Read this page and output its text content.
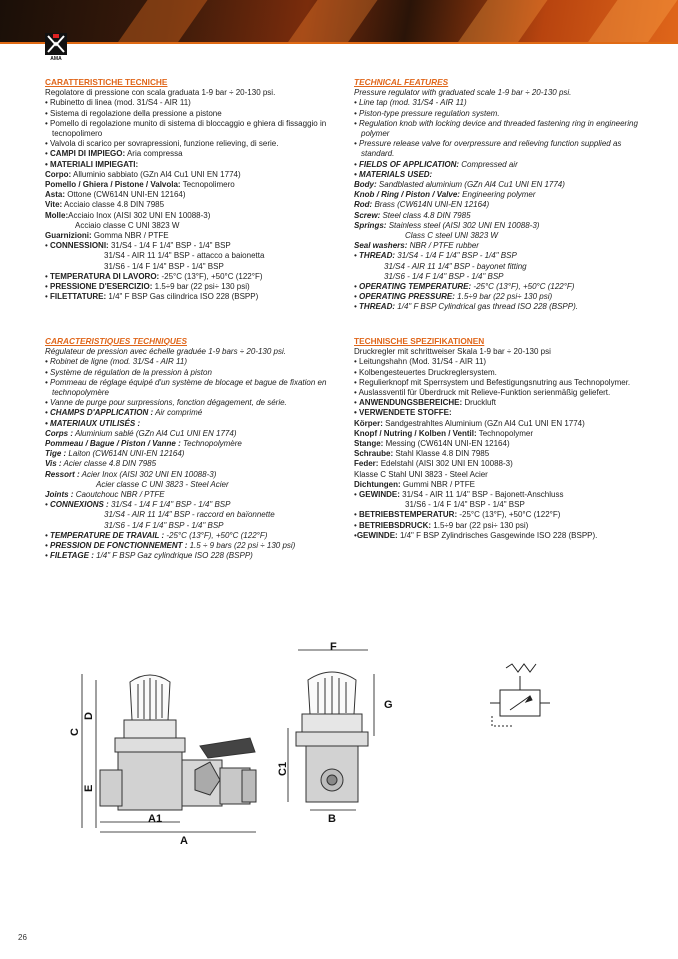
AMA
CARATTERISTICHE TECNICHE

Regolatore di pressione con scala graduata 1-9 bar ÷ 20-130 psi.

• Rubinetto di linea (mod. 31/S4 - AIR 11)

• Sistema di regolazione della pressione a pistone

• Pomello di regolazione munito di sistema di bloccaggio e ghiera di fissaggio in tecnopolimero

• Valvola di scarico per sovrapressioni, funzione relieving, di serie.

• CAMPI DI IMPIEGO: Aria compressa

• MATERIALI IMPIEGATI:

Corpo: Alluminio sabbiato (GZn Al4 Cu1 UNI EN 1774)

Pomello / Ghiera / Pistone / Valvola: Tecnopolimero

Asta: Ottone (CW614N UNI-EN 12164)

Vite: Acciaio classe 4.8 DIN 7985

Molle:Acciaio Inox (AISI 302 UNI EN 10088-3)

Acciaio classe C UNI 3823 W

Guarnizioni: Gomma NBR / PTFE

• CONNESSIONI: 31/S4 - 1/4 F 1/4" BSP - 1/4" BSP

31/S4 - AIR 11 1/4" BSP - attacco a baionetta

31/S6 - 1/4 F 1/4" BSP - 1/4" BSP

• TEMPERATURA DI LAVORO: -25°C (13°F), +50°C (122°F)

• PRESSIONE D'ESERCIZIO: 1.5÷9 bar (22 psi÷ 130 psi)

• FILETTATURE: 1/4" F BSP Gas cilindrica ISO 228 (BSPP)

TECHNICAL FEATURES

Pressure regulator with graduated scale 1-9 bar ÷ 20-130 psi.

• Line tap (mod. 31/S4 - AIR 11)

• Piston-type pressure regulation system.

• Regulation knob with locking device and threaded fastening ring in engineering polymer

• Pressure release valve for overpressure and relieving function supplied as standard.

• FIELDS OF APPLICATION: Compressed air

• MATERIALS USED:

Body: Sandblasted aluminium (GZn Al4 Cu1 UNI EN 1774)

Knob / Ring / Piston / Valve: Engineering polymer

Rod: Brass (CW614N UNI-EN 12164)

Screw: Steel class 4.8 DIN 7985

Springs: Stainless steel (AISI 302 UNI EN 10088-3)

Class C steel UNI 3823 W

Seal washers: NBR / PTFE rubber

• THREAD: 31/S4 - 1/4 F 1/4" BSP - 1/4" BSP

31/S4 - AIR 11 1/4" BSP - bayonet fitting

31/S6 - 1/4 F 1/4" BSP - 1/4" BSP

• OPERATING TEMPERATURE: -25°C (13°F), +50°C (122°F)

• OPERATING PRESSURE: 1.5÷9 bar (22 psi÷ 130 psi)

• THREAD: 1/4" F BSP Cylindrical gas thread ISO 228 (BSPP).

CARACTERISTIQUES TECHNIQUES

Régulateur de pression avec échelle graduée 1-9 bars ÷ 20-130 psi.

• Robinet de ligne (mod. 31/S4 - AIR 11)

• Système de régulation de la pression à piston

• Pommeau de réglage équipé d'un système de blocage et bague de fixation en technopolymère

• Vanne de purge pour surpressions, fonction dégagement, de série.

• CHAMPS D'APPLICATION : Air comprimé

• MATERIAUX UTILISÉS :

Corps : Aluminium sablé (GZn Al4 Cu1 UNI EN 1774)

Pommeau / Bague / Piston / Vanne : Technopolymère

Tige : Laiton (CW614N UNI-EN 12164)

Vis : Acier classe 4.8 DIN 7985

Ressort : Acier Inox (AISI 302 UNI EN 10088-3)

Acier classe C UNI 3823 - Steel Acier

Joints : Caoutchouc NBR / PTFE

• CONNEXIONS : 31/S4 - 1/4 F 1/4" BSP - 1/4" BSP

31/S4 - AIR 11 1/4" BSP - raccord en baïonnette

31/S6 - 1/4 F 1/4" BSP - 1/4" BSP

• TEMPERATURE DE TRAVAIL : -25°C (13°F), +50°C (122°F)

• PRESSION DE FONCTIONNEMENT : 1.5 ÷ 9 bars (22 psi ÷ 130 psi)

• FILETAGE : 1/4" F BSP Gaz cylindrique ISO 228 (BSPP)

TECHNISCHE SPEZIFIKATIONEN

Druckregler mit schrittweiser Skala 1-9 bar ÷ 20-130 psi

• Leitungshahn (Mod. 31/S4 - AIR 11)

• Kolbengesteuertes Druckreglersystem.

• Regulierknopf mit Sperrsystem und Befestigungsnutring aus Technopolymer.

• Auslassventil für Überdruck mit Relieve-Funktion serienmäßig geliefert.

• ANWENDUNGSBEREICHE: Druckluft

• VERWENDETE STOFFE:

Körper: Sandgestrahltes Aluminium (GZn Al4 Cu1 UNI EN 1774)

Knopf / Nutring / Kolben / Ventil: Technopolymer

Stange: Messing (CW614N UNI-EN 12164)

Schraube: Stahl Klasse 4.8 DIN 7985

Feder: Edelstahl (AISI 302 UNI EN 10088-3)

Klasse C Stahl UNI 3823 - Steel Acier

Dichtungen: Gummi NBR / PTFE

• GEWINDE: 31/S4 - AIR 11 1/4" BSP - Bajonett-Anschluss

31/S6 - 1/4 F 1/4" BSP - 1/4" BSP

• BETRIEBSTEMPERATUR: -25°C (13°F), +50°C (122°F)

• BETRIEBSDRUCK: 1.5÷9 bar (22 psi÷ 130 psi)

•GEWINDE: 1/4" F BSP Zylindrisches Gasgewinde ISO 228 (BSPP).

C
D
E
C1
A
A1	B
F
G
26
